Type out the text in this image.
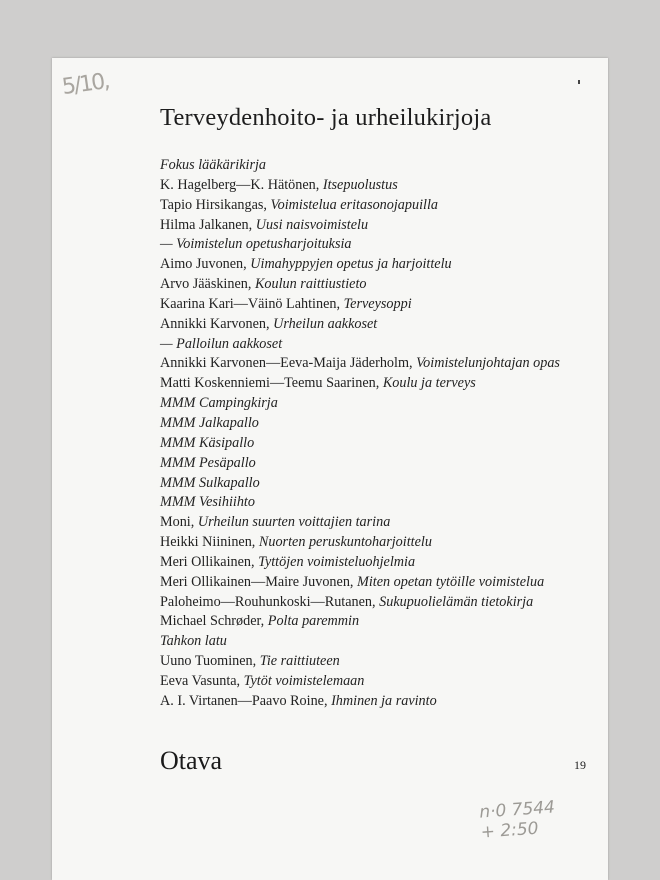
5/10,
Terveydenhoito- ja urheilukirjoja
Fokus lääkärikirja
K. Hagelberg—K. Hätönen, Itsepuolustus
Tapio Hirsikangas, Voimistelua eritasonojapuilla
Hilma Jalkanen, Uusi naisvoimistelu
— Voimistelun opetusharjoituksia
Aimo Juvonen, Uimahyppyjen opetus ja harjoittelu
Arvo Jääskinen, Koulun raittiustieto
Kaarina Kari—Väinö Lahtinen, Terveysoppi
Annikki Karvonen, Urheilun aakkoset
— Palloilun aakkoset
Annikki Karvonen—Eeva-Maija Jäderholm, Voimistelunjohtajan opas
Matti Koskenniemi—Teemu Saarinen, Koulu ja terveys
MMM Campingkirja
MMM Jalkapallo
MMM Käsipallo
MMM Pesäpallo
MMM Sulkapallo
MMM Vesihiihto
Moni, Urheilun suurten voittajien tarina
Heikki Niininen, Nuorten peruskuntoharjoittelu
Meri Ollikainen, Tyttöjen voimisteluohjelmia
Meri Ollikainen—Maire Juvonen, Miten opetan tytöille voimistelua
Paloheimo—Rouhunkoski—Rutanen, Sukupuolielämän tietokirja
Michael Schrøder, Polta paremmin
Tahkon latu
Uuno Tuominen, Tie raittiuteen
Eeva Vasunta, Tytöt voimistelemaan
A. I. Virtanen—Paavo Roine, Ihminen ja ravinto
Otava	19
n·0 7544
+ 2:50
